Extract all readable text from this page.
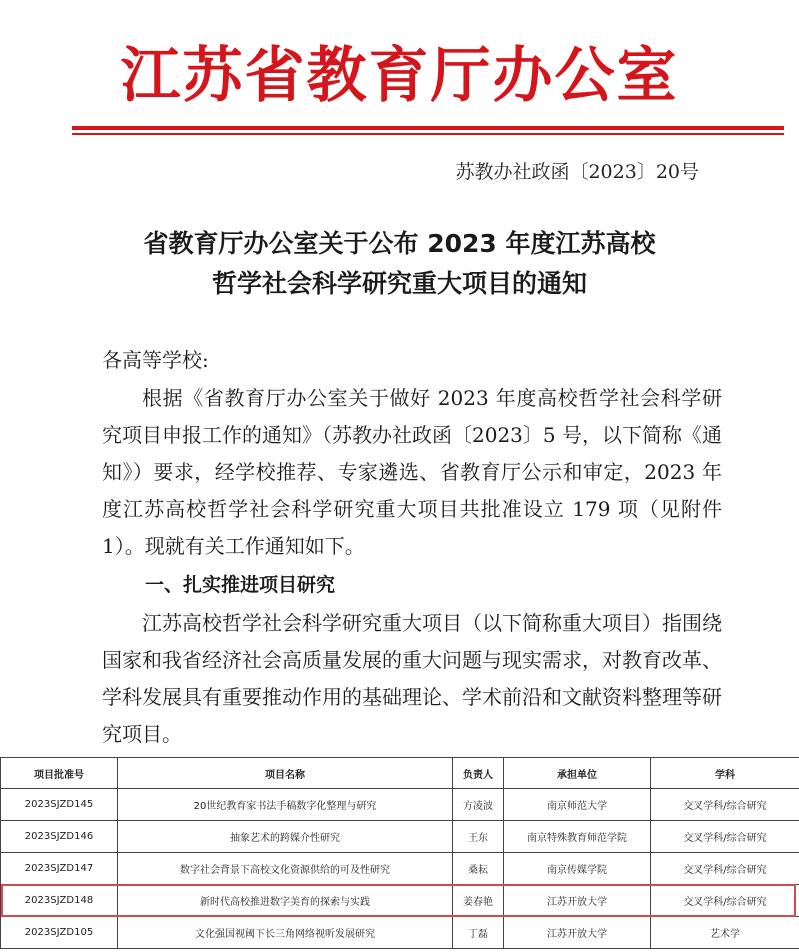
江苏省教育厅办公室
苏教办社政函〔2023〕20号
省教育厅办公室关于公布 2023 年度江苏高校
哲学社会科学研究重大项目的通知
各高等学校:
根据《省教育厅办公室关于做好 2023 年度高校哲学社会科学研究项目申报工作的通知》（苏教办社政函〔2023〕5 号，以下简称《通知》）要求，经学校推荐、专家遴选、省教育厅公示和审定，2023 年度江苏高校哲学社会科学研究重大项目共批准设立 179 项（见附件 1）。现就有关工作通知如下。
一、扎实推进项目研究
江苏高校哲学社会科学研究重大项目（以下简称重大项目）指围绕国家和我省经济社会高质量发展的重大问题与现实需求，对教育改革、学科发展具有重要推动作用的基础理论、学术前沿和文献资料整理等研究项目。
项目批准号	项目名称	负责人	承担单位	学科
2023SJZD145	20世纪教育家书法手稿数字化整理与研究	方凌波	南京师范大学	交叉学科/综合研究
2023SJZD146	抽象艺术的跨媒介性研究	王东	南京特殊教育师范学院	交叉学科/综合研究
2023SJZD147	数字社会背景下高校文化资源供给的可及性研究	桑耘	南京传媒学院	交叉学科/综合研究
2023SJZD148	新时代高校推进数字美育的探索与实践	姜春艳	江苏开放大学	交叉学科/综合研究
2023SJZD105	文化强国视阈下长三角网络视听发展研究	丁磊	江苏开放大学	艺术学
